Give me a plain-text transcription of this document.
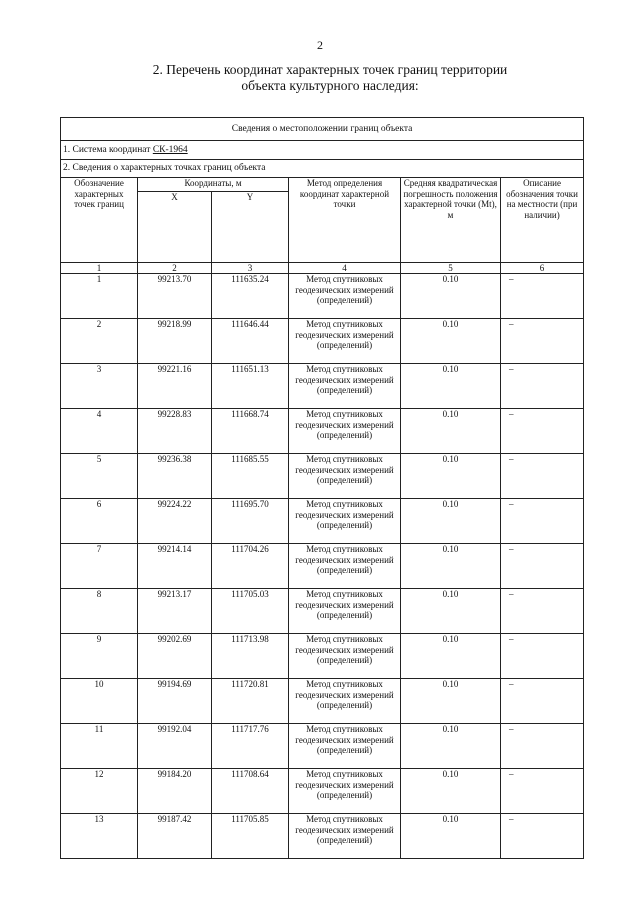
2
2. Перечень координат характерных точек границ территории
объекта культурного наследия:
Сведения о местоположении границ объекта					
1. Система координат СК-1964					
2. Сведения о характерных точках границ объекта					
Обозначение характерных точек границ	Координаты, м		Метод определения координат характерной точки	Средняя квадратическая погрешность положения характерной точки (Mt), м	Описание обозначения точки на местности (при наличии)
	X	Y			
1	2	3	4	5	6
1	99213.70	111635.24	Метод спутниковых геодезических измерений (определений)	0.10	–
2	99218.99	111646.44	Метод спутниковых геодезических измерений (определений)	0.10	–
3	99221.16	111651.13	Метод спутниковых геодезических измерений (определений)	0.10	–
4	99228.83	111668.74	Метод спутниковых геодезических измерений (определений)	0.10	–
5	99236.38	111685.55	Метод спутниковых геодезических измерений (определений)	0.10	–
6	99224.22	111695.70	Метод спутниковых геодезических измерений (определений)	0.10	–
7	99214.14	111704.26	Метод спутниковых геодезических измерений (определений)	0.10	–
8	99213.17	111705.03	Метод спутниковых геодезических измерений (определений)	0.10	–
9	99202.69	111713.98	Метод спутниковых геодезических измерений (определений)	0.10	–
10	99194.69	111720.81	Метод спутниковых геодезических измерений (определений)	0.10	–
11	99192.04	111717.76	Метод спутниковых геодезических измерений (определений)	0.10	–
12	99184.20	111708.64	Метод спутниковых геодезических измерений (определений)	0.10	–
13	99187.42	111705.85	Метод спутниковых геодезических измерений (определений)	0.10	–
